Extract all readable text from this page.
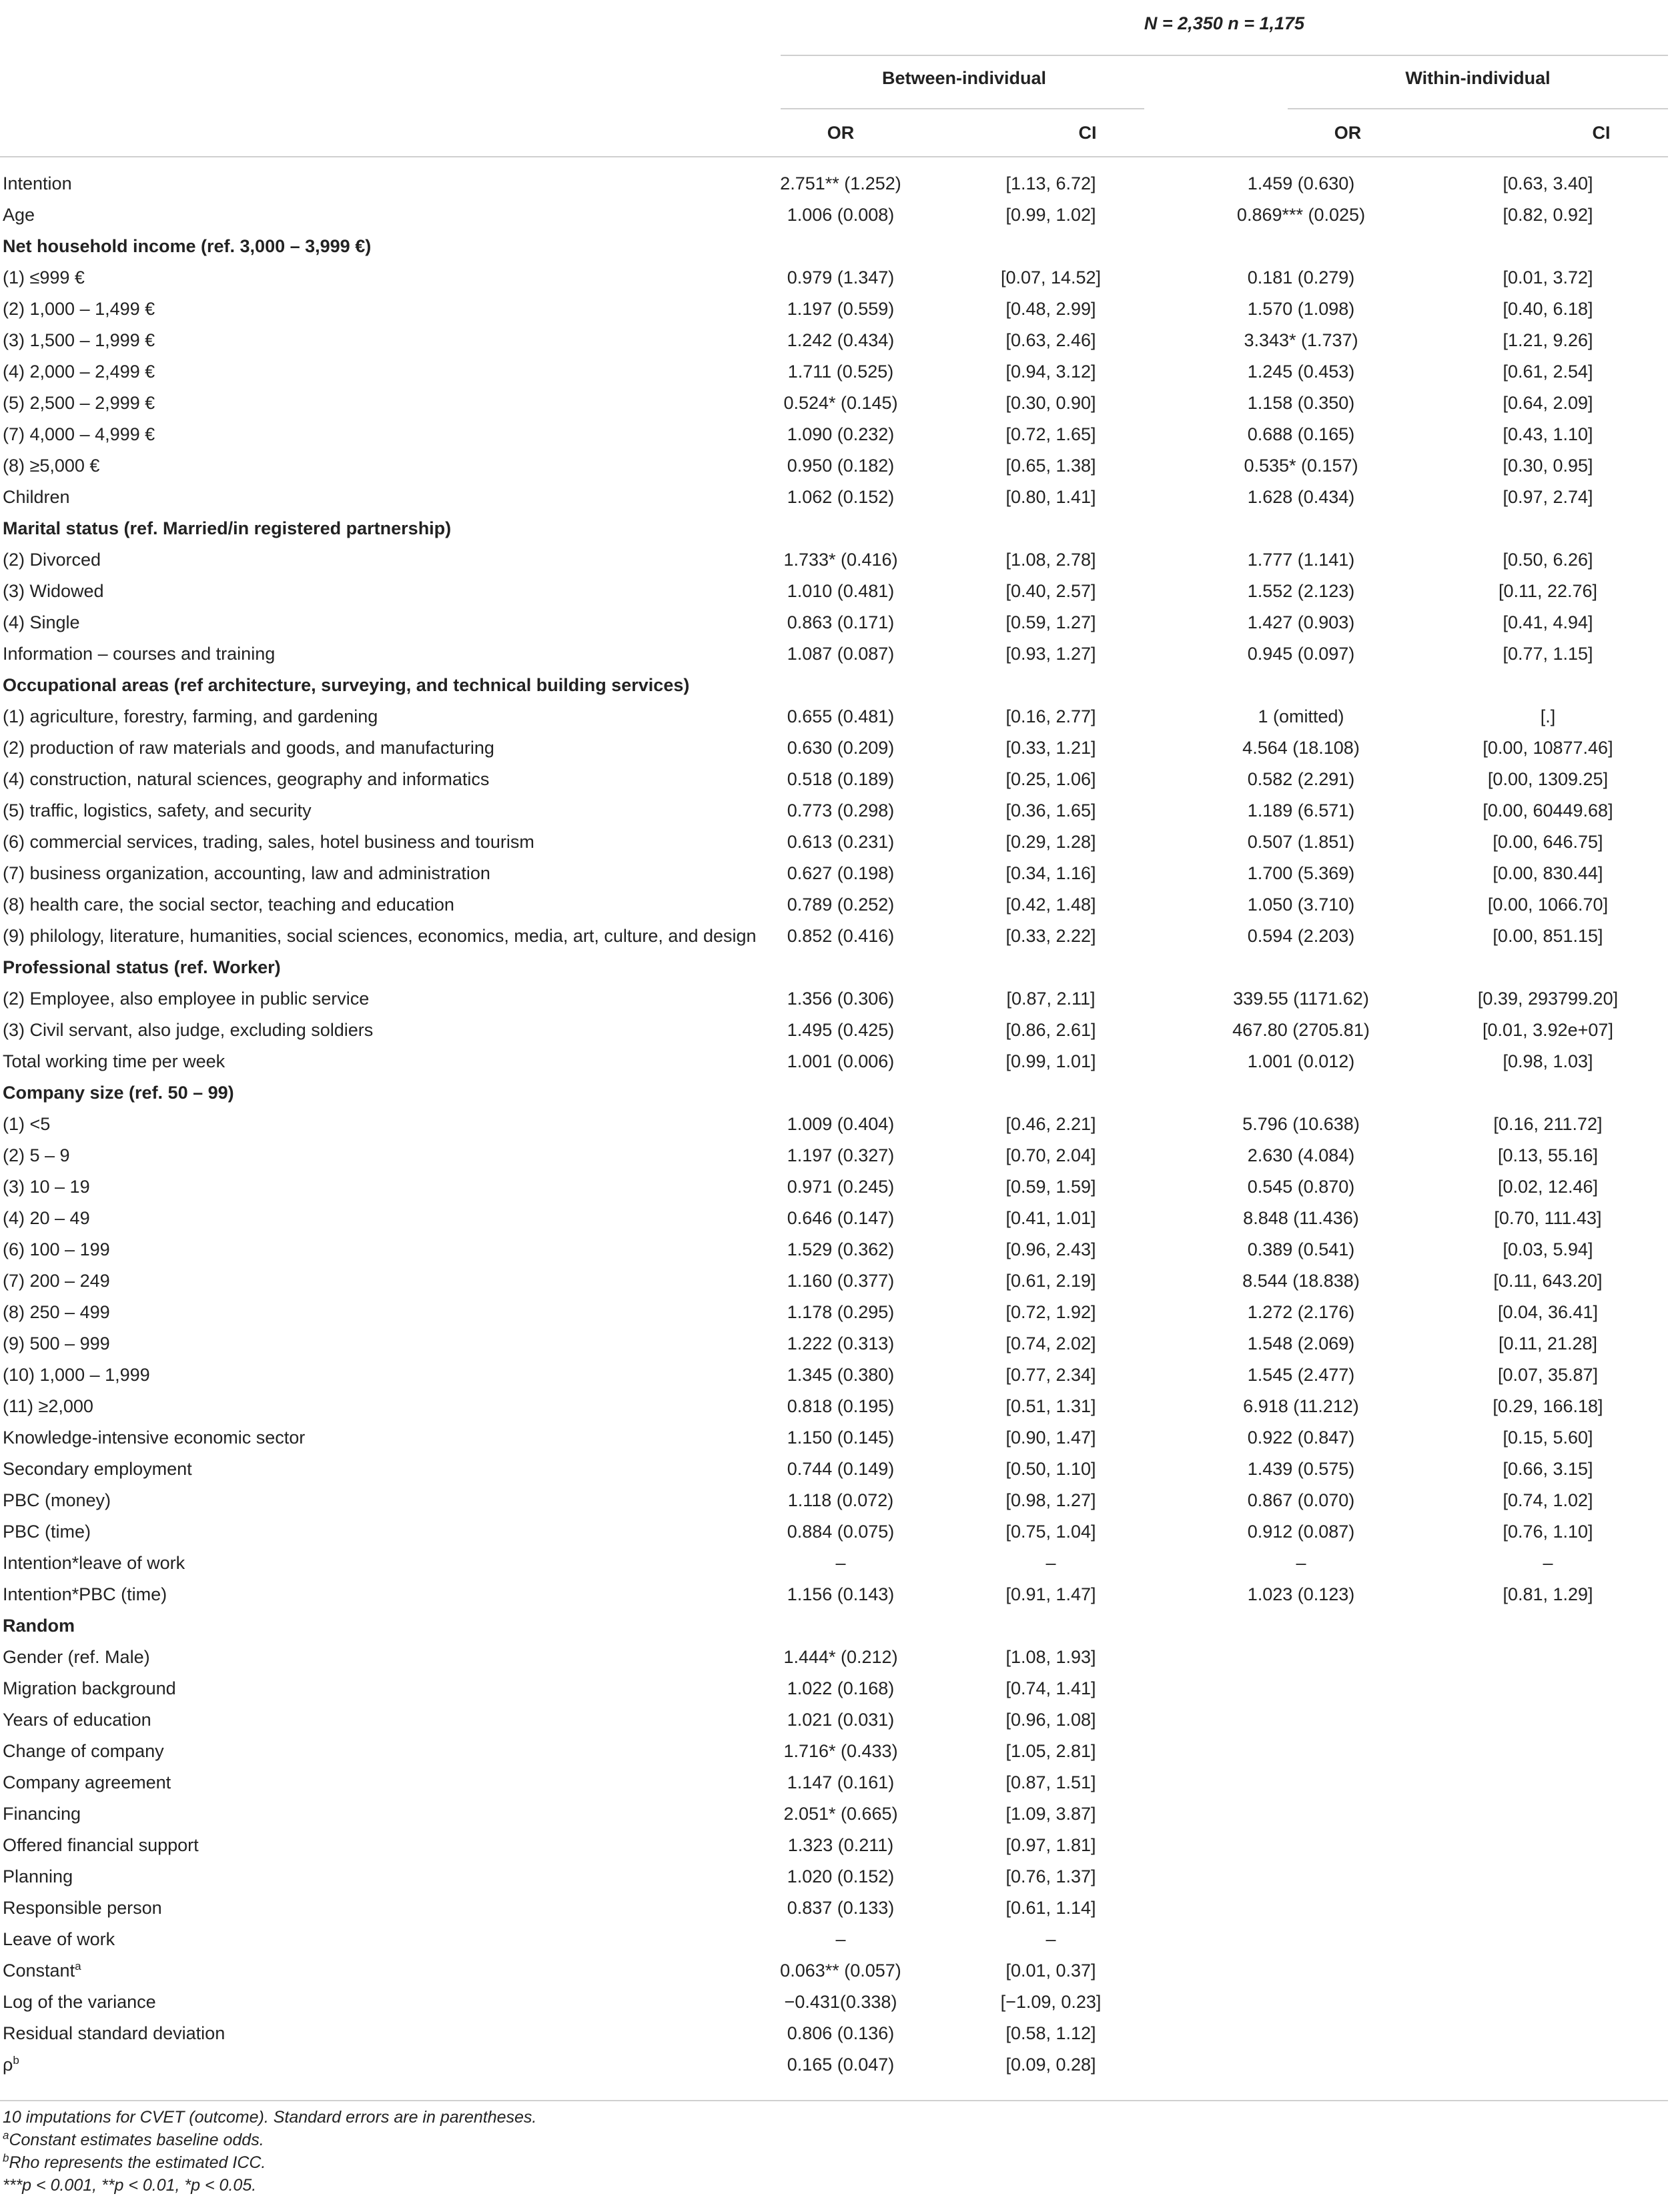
N = 2,350 n = 1,175
Between-individual	Within-individual
OR	CI	OR	CI
Intention	2.751** (1.252)	[1.13, 6.72]	1.459 (0.630)	[0.63, 3.40]
Age	1.006 (0.008)	[0.99, 1.02]	0.869*** (0.025)	[0.82, 0.92]
Net household income (ref. 3,000 – 3,999 €)				
(1) ≤999 €	0.979 (1.347)	[0.07, 14.52]	0.181 (0.279)	[0.01, 3.72]
(2) 1,000 – 1,499 €	1.197 (0.559)	[0.48, 2.99]	1.570 (1.098)	[0.40, 6.18]
(3) 1,500 – 1,999 €	1.242 (0.434)	[0.63, 2.46]	3.343* (1.737)	[1.21, 9.26]
(4) 2,000 – 2,499 €	1.711 (0.525)	[0.94, 3.12]	1.245 (0.453)	[0.61, 2.54]
(5) 2,500 – 2,999 €	0.524* (0.145)	[0.30, 0.90]	1.158 (0.350)	[0.64, 2.09]
(7) 4,000 – 4,999 €	1.090 (0.232)	[0.72, 1.65]	0.688 (0.165)	[0.43, 1.10]
(8) ≥5,000 €	0.950 (0.182)	[0.65, 1.38]	0.535* (0.157)	[0.30, 0.95]
Children	1.062 (0.152)	[0.80, 1.41]	1.628 (0.434)	[0.97, 2.74]
Marital status (ref. Married/in registered partnership)				
(2) Divorced	1.733* (0.416)	[1.08, 2.78]	1.777 (1.141)	[0.50, 6.26]
(3) Widowed	1.010 (0.481)	[0.40, 2.57]	1.552 (2.123)	[0.11, 22.76]
(4) Single	0.863 (0.171)	[0.59, 1.27]	1.427 (0.903)	[0.41, 4.94]
Information – courses and training	1.087 (0.087)	[0.93, 1.27]	0.945 (0.097)	[0.77, 1.15]
Occupational areas (ref architecture, surveying, and technical building services)				
(1) agriculture, forestry, farming, and gardening	0.655 (0.481)	[0.16, 2.77]	1 (omitted)	[.]
(2) production of raw materials and goods, and manufacturing	0.630 (0.209)	[0.33, 1.21]	4.564 (18.108)	[0.00, 10877.46]
(4) construction, natural sciences, geography and informatics	0.518 (0.189)	[0.25, 1.06]	0.582 (2.291)	[0.00, 1309.25]
(5) traffic, logistics, safety, and security	0.773 (0.298)	[0.36, 1.65]	1.189 (6.571)	[0.00, 60449.68]
(6) commercial services, trading, sales, hotel business and tourism	0.613 (0.231)	[0.29, 1.28]	0.507 (1.851)	[0.00, 646.75]
(7) business organization, accounting, law and administration	0.627 (0.198)	[0.34, 1.16]	1.700 (5.369)	[0.00, 830.44]
(8) health care, the social sector, teaching and education	0.789 (0.252)	[0.42, 1.48]	1.050 (3.710)	[0.00, 1066.70]
(9) philology, literature, humanities, social sciences, economics, media, art, culture, and design	0.852 (0.416)	[0.33, 2.22]	0.594 (2.203)	[0.00, 851.15]
Professional status (ref. Worker)				
(2) Employee, also employee in public service	1.356 (0.306)	[0.87, 2.11]	339.55 (1171.62)	[0.39, 293799.20]
(3) Civil servant, also judge, excluding soldiers	1.495 (0.425)	[0.86, 2.61]	467.80 (2705.81)	[0.01, 3.92e+07]
Total working time per week	1.001 (0.006)	[0.99, 1.01]	1.001 (0.012)	[0.98, 1.03]
Company size (ref. 50 – 99)				
(1) <5	1.009 (0.404)	[0.46, 2.21]	5.796 (10.638)	[0.16, 211.72]
(2) 5 – 9	1.197 (0.327)	[0.70, 2.04]	2.630 (4.084)	[0.13, 55.16]
(3) 10 – 19	0.971 (0.245)	[0.59, 1.59]	0.545 (0.870)	[0.02, 12.46]
(4) 20 – 49	0.646 (0.147)	[0.41, 1.01]	8.848 (11.436)	[0.70, 111.43]
(6) 100 – 199	1.529 (0.362)	[0.96, 2.43]	0.389 (0.541)	[0.03, 5.94]
(7) 200 – 249	1.160 (0.377)	[0.61, 2.19]	8.544 (18.838)	[0.11, 643.20]
(8) 250 – 499	1.178 (0.295)	[0.72, 1.92]	1.272 (2.176)	[0.04, 36.41]
(9) 500 – 999	1.222 (0.313)	[0.74, 2.02]	1.548 (2.069)	[0.11, 21.28]
(10) 1,000 – 1,999	1.345 (0.380)	[0.77, 2.34]	1.545 (2.477)	[0.07, 35.87]
(11) ≥2,000	0.818 (0.195)	[0.51, 1.31]	6.918 (11.212)	[0.29, 166.18]
Knowledge-intensive economic sector	1.150 (0.145)	[0.90, 1.47]	0.922 (0.847)	[0.15, 5.60]
Secondary employment	0.744 (0.149)	[0.50, 1.10]	1.439 (0.575)	[0.66, 3.15]
PBC (money)	1.118 (0.072)	[0.98, 1.27]	0.867 (0.070)	[0.74, 1.02]
PBC (time)	0.884 (0.075)	[0.75, 1.04]	0.912 (0.087)	[0.76, 1.10]
Intention*leave of work	–	–	–	–
Intention*PBC (time)	1.156 (0.143)	[0.91, 1.47]	1.023 (0.123)	[0.81, 1.29]
Random				
Gender (ref. Male)	1.444* (0.212)	[1.08, 1.93]		
Migration background	1.022 (0.168)	[0.74, 1.41]		
Years of education	1.021 (0.031)	[0.96, 1.08]		
Change of company	1.716* (0.433)	[1.05, 2.81]		
Company agreement	1.147 (0.161)	[0.87, 1.51]		
Financing	2.051* (0.665)	[1.09, 3.87]		
Offered financial support	1.323 (0.211)	[0.97, 1.81]		
Planning	1.020 (0.152)	[0.76, 1.37]		
Responsible person	0.837 (0.133)	[0.61, 1.14]		
Leave of work	–	–		
Constant$^a$	0.063** (0.057)	[0.01, 0.37]		
Log of the variance	−0.431(0.338)	[−1.09, 0.23]		
Residual standard deviation	0.806 (0.136)	[0.58, 1.12]		
$\rho^b$	0.165 (0.047)	[0.09, 0.28]		
10 imputations for CVET (outcome). Standard errors are in parentheses.
$^a$Constant estimates baseline odds.
$^b$Rho represents the estimated ICC.
***p < 0.001, **p < 0.01, *p < 0.05.
